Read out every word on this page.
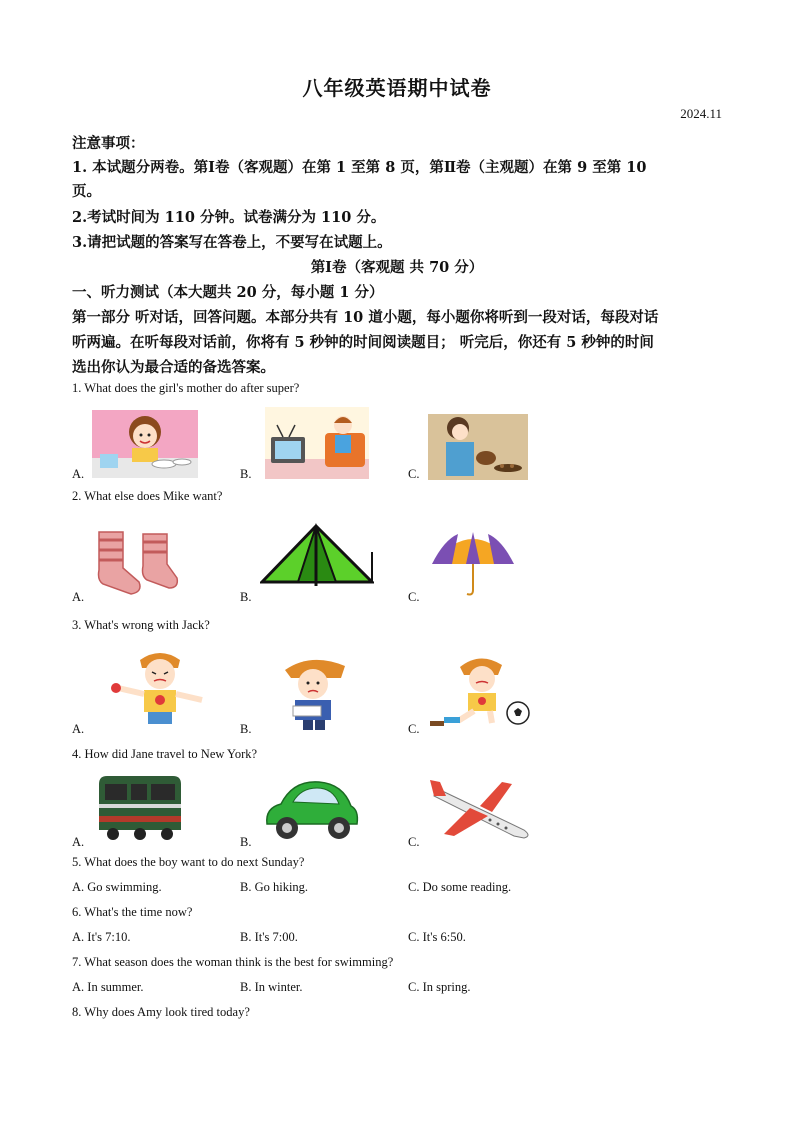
八年级英语期中试卷
2024.11
注意事项：
1. 本试题分两卷。第Ⅰ卷（客观题）在第 1 至第 8 页，第Ⅱ卷（主观题）在第 9 至第 10
页。
2.考试时间为 110 分钟。试卷满分为 110 分。
3.请把试题的答案写在答卷上，不要写在试题上。
第Ⅰ卷（客观题 共 70 分）
一、听力测试（本大题共 20 分，每小题 1 分）
第一部分 听对话，回答问题。本部分共有 10 道小题，每小题你将听到一段对话，每段对话
听两遍。在听每段对话前，你将有 5 秒钟的时间阅读题目； 听完后，你还有 5 秒钟的时间
选出你认为最合适的备选答案。
1. What does the girl's mother do after super?
A.	B.	C.
2. What else does Mike want?
A.	B.	C.
3. What's wrong with Jack?
A.	B.	C.
4. How did Jane travel to New York?
A.	B.	C.
5. What does the boy want to do next Sunday?
A. Go swimming.	B. Go hiking.	C. Do some reading.
6. What's the time now?
A. It's 7:10.	B. It's 7:00.	C. It's 6:50.
7. What season does the woman think is the best for swimming?
A. In summer.	B. In winter.	C. In spring.
8. Why does Amy look tired today?
